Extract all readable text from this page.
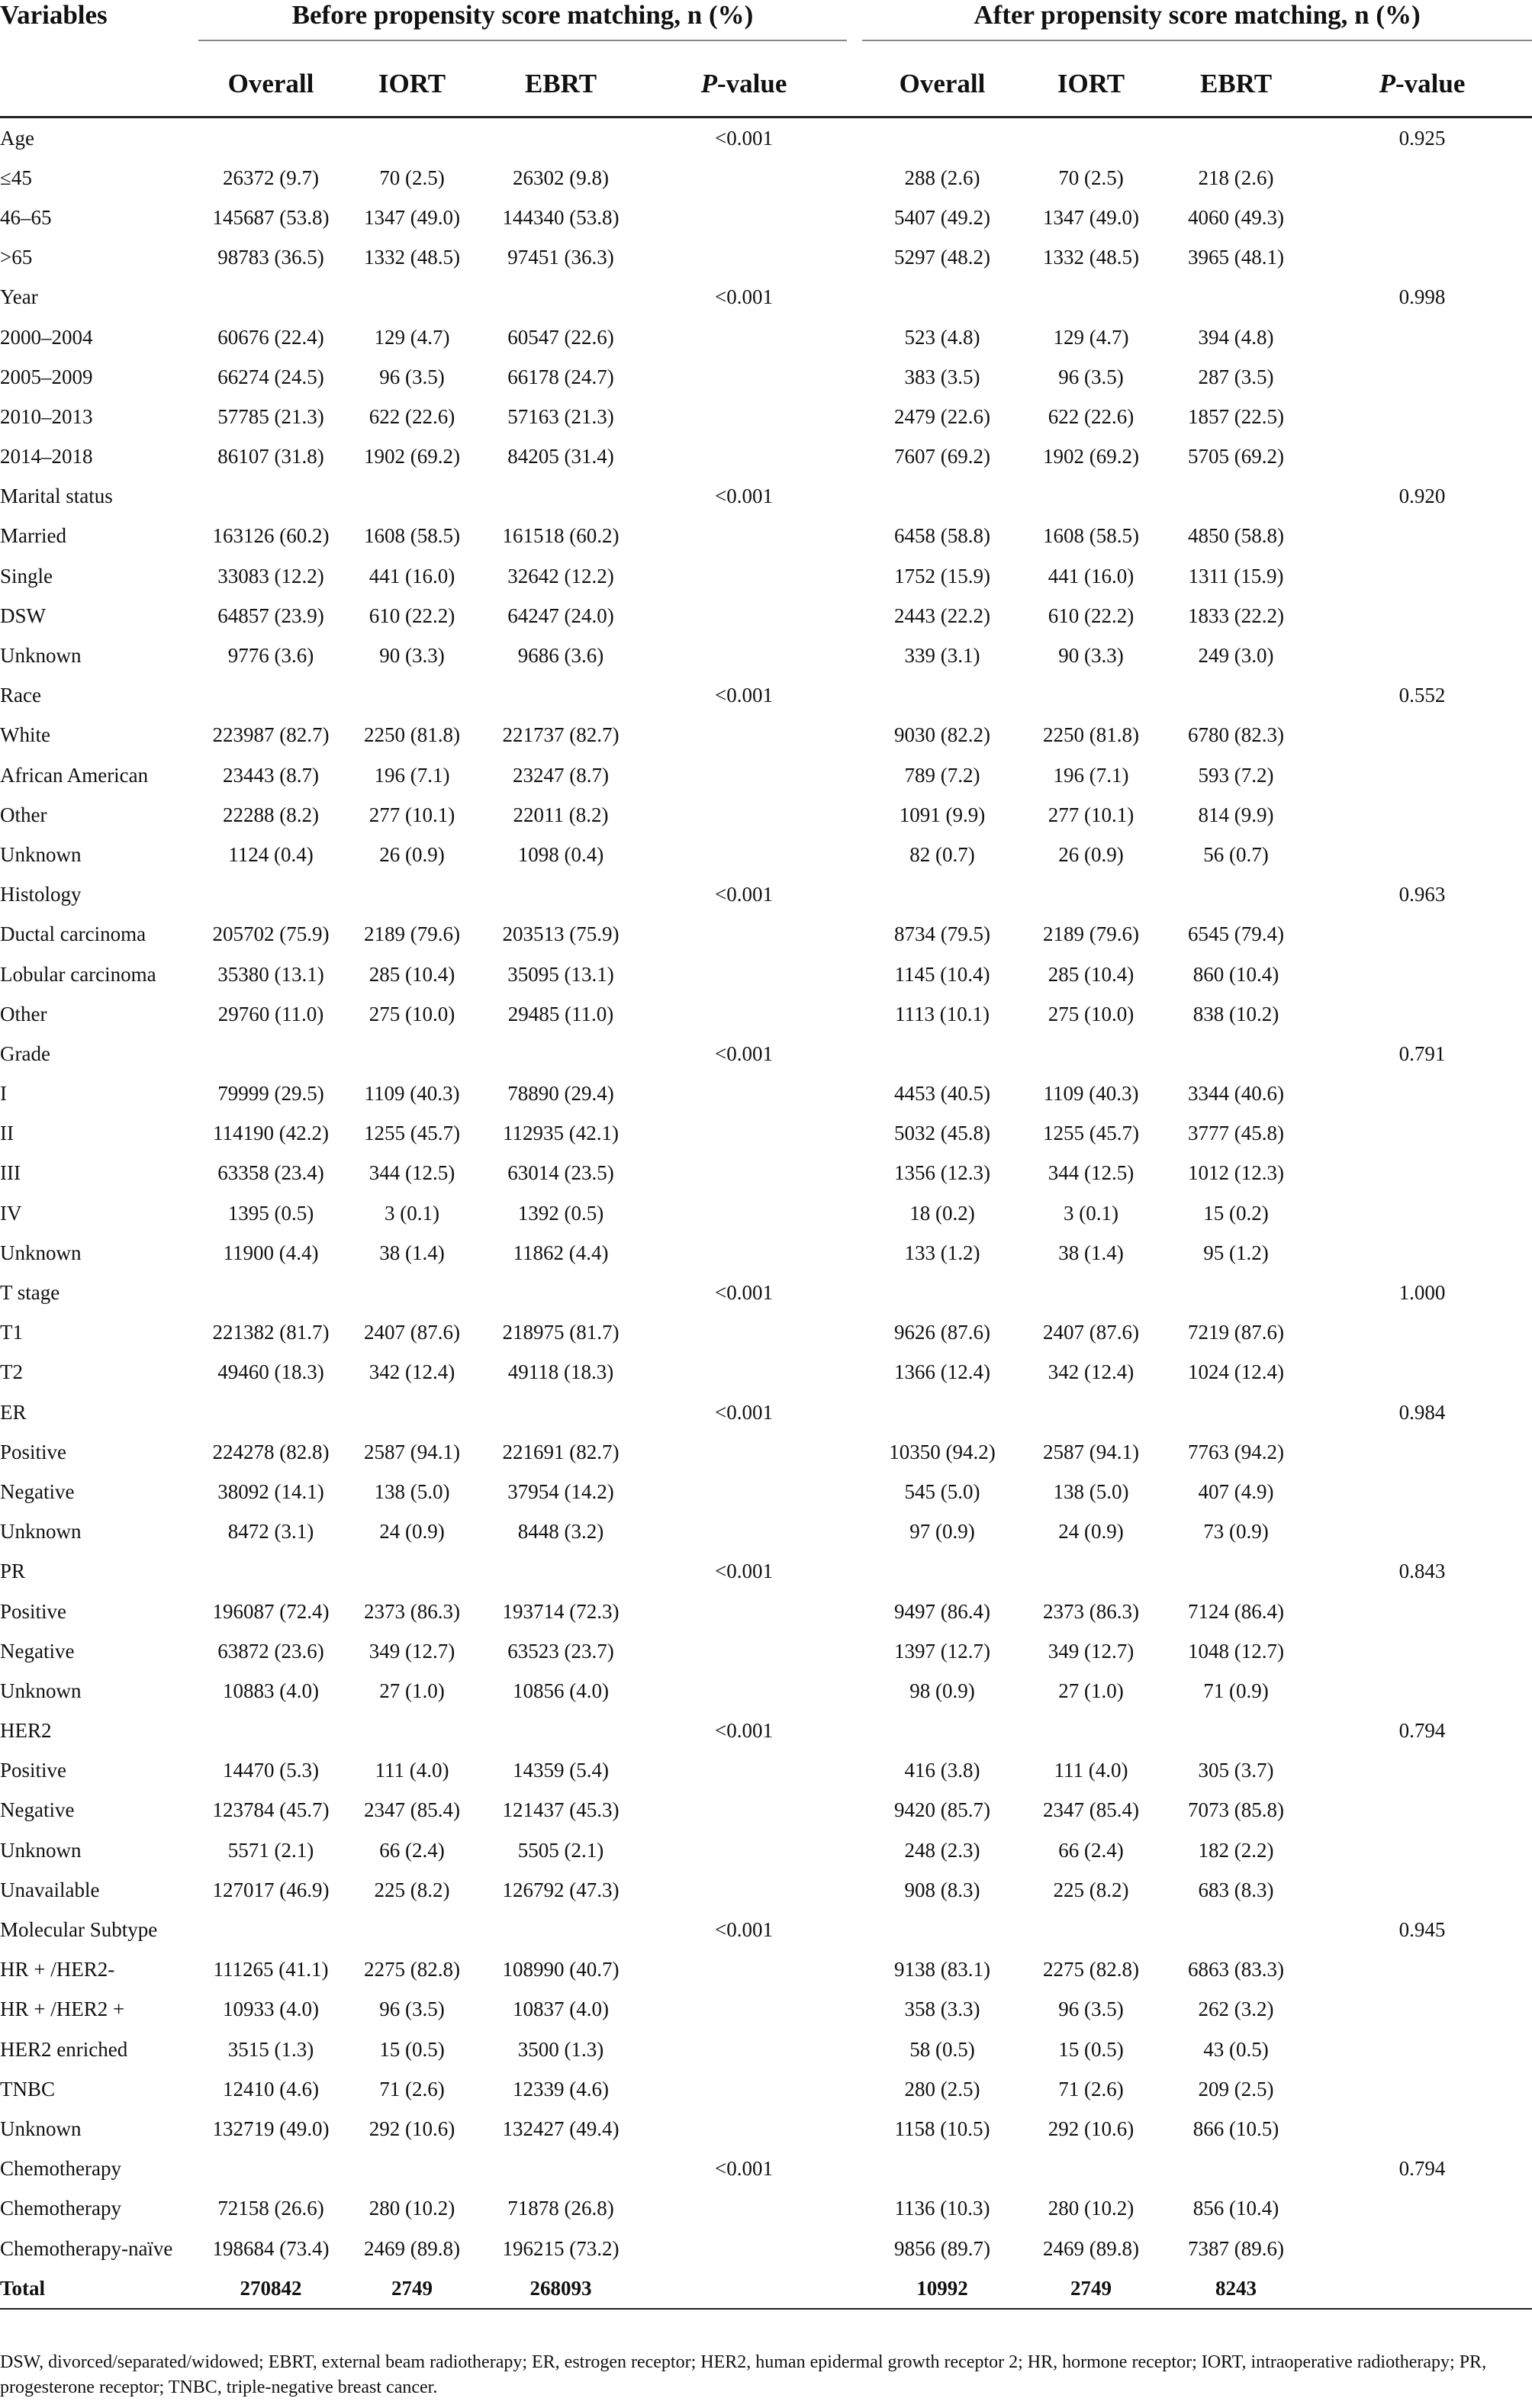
Variables	Before propensity score matching, n (%)					After propensity score matching, n (%)			

	Overall	IORT	EBRT	P-value		Overall	IORT	EBRT	P-value
Age				<0.001					0.925
≤45	26372 (9.7)	70 (2.5)	26302 (9.8)			288 (2.6)	70 (2.5)	218 (2.6)	
46–65	145687 (53.8)	1347 (49.0)	144340 (53.8)			5407 (49.2)	1347 (49.0)	4060 (49.3)	
>65	98783 (36.5)	1332 (48.5)	97451 (36.3)			5297 (48.2)	1332 (48.5)	3965 (48.1)	
Year				<0.001					0.998
2000–2004	60676 (22.4)	129 (4.7)	60547 (22.6)			523 (4.8)	129 (4.7)	394 (4.8)	
2005–2009	66274 (24.5)	96 (3.5)	66178 (24.7)			383 (3.5)	96 (3.5)	287 (3.5)	
2010–2013	57785 (21.3)	622 (22.6)	57163 (21.3)			2479 (22.6)	622 (22.6)	1857 (22.5)	
2014–2018	86107 (31.8)	1902 (69.2)	84205 (31.4)			7607 (69.2)	1902 (69.2)	5705 (69.2)	
Marital status				<0.001					0.920
Married	163126 (60.2)	1608 (58.5)	161518 (60.2)			6458 (58.8)	1608 (58.5)	4850 (58.8)	
Single	33083 (12.2)	441 (16.0)	32642 (12.2)			1752 (15.9)	441 (16.0)	1311 (15.9)	
DSW	64857 (23.9)	610 (22.2)	64247 (24.0)			2443 (22.2)	610 (22.2)	1833 (22.2)	
Unknown	9776 (3.6)	90 (3.3)	9686 (3.6)			339 (3.1)	90 (3.3)	249 (3.0)	
Race				<0.001					0.552
White	223987 (82.7)	2250 (81.8)	221737 (82.7)			9030 (82.2)	2250 (81.8)	6780 (82.3)	
African American	23443 (8.7)	196 (7.1)	23247 (8.7)			789 (7.2)	196 (7.1)	593 (7.2)	
Other	22288 (8.2)	277 (10.1)	22011 (8.2)			1091 (9.9)	277 (10.1)	814 (9.9)	
Unknown	1124 (0.4)	26 (0.9)	1098 (0.4)			82 (0.7)	26 (0.9)	56 (0.7)	
Histology				<0.001					0.963
Ductal carcinoma	205702 (75.9)	2189 (79.6)	203513 (75.9)			8734 (79.5)	2189 (79.6)	6545 (79.4)	
Lobular carcinoma	35380 (13.1)	285 (10.4)	35095 (13.1)			1145 (10.4)	285 (10.4)	860 (10.4)	
Other	29760 (11.0)	275 (10.0)	29485 (11.0)			1113 (10.1)	275 (10.0)	838 (10.2)	
Grade				<0.001					0.791
I	79999 (29.5)	1109 (40.3)	78890 (29.4)			4453 (40.5)	1109 (40.3)	3344 (40.6)	
II	114190 (42.2)	1255 (45.7)	112935 (42.1)			5032 (45.8)	1255 (45.7)	3777 (45.8)	
III	63358 (23.4)	344 (12.5)	63014 (23.5)			1356 (12.3)	344 (12.5)	1012 (12.3)	
IV	1395 (0.5)	3 (0.1)	1392 (0.5)			18 (0.2)	3 (0.1)	15 (0.2)	
Unknown	11900 (4.4)	38 (1.4)	11862 (4.4)			133 (1.2)	38 (1.4)	95 (1.2)	
T stage				<0.001					1.000
T1	221382 (81.7)	2407 (87.6)	218975 (81.7)			9626 (87.6)	2407 (87.6)	7219 (87.6)	
T2	49460 (18.3)	342 (12.4)	49118 (18.3)			1366 (12.4)	342 (12.4)	1024 (12.4)	
ER				<0.001					0.984
Positive	224278 (82.8)	2587 (94.1)	221691 (82.7)			10350 (94.2)	2587 (94.1)	7763 (94.2)	
Negative	38092 (14.1)	138 (5.0)	37954 (14.2)			545 (5.0)	138 (5.0)	407 (4.9)	
Unknown	8472 (3.1)	24 (0.9)	8448 (3.2)			97 (0.9)	24 (0.9)	73 (0.9)	
PR				<0.001					0.843
Positive	196087 (72.4)	2373 (86.3)	193714 (72.3)			9497 (86.4)	2373 (86.3)	7124 (86.4)	
Negative	63872 (23.6)	349 (12.7)	63523 (23.7)			1397 (12.7)	349 (12.7)	1048 (12.7)	
Unknown	10883 (4.0)	27 (1.0)	10856 (4.0)			98 (0.9)	27 (1.0)	71 (0.9)	
HER2				<0.001					0.794
Positive	14470 (5.3)	111 (4.0)	14359 (5.4)			416 (3.8)	111 (4.0)	305 (3.7)	
Negative	123784 (45.7)	2347 (85.4)	121437 (45.3)			9420 (85.7)	2347 (85.4)	7073 (85.8)	
Unknown	5571 (2.1)	66 (2.4)	5505 (2.1)			248 (2.3)	66 (2.4)	182 (2.2)	
Unavailable	127017 (46.9)	225 (8.2)	126792 (47.3)			908 (8.3)	225 (8.2)	683 (8.3)	
Molecular Subtype				<0.001					0.945
HR + /HER2-	111265 (41.1)	2275 (82.8)	108990 (40.7)			9138 (83.1)	2275 (82.8)	6863 (83.3)	
HR + /HER2 +	10933 (4.0)	96 (3.5)	10837 (4.0)			358 (3.3)	96 (3.5)	262 (3.2)	
HER2 enriched	3515 (1.3)	15 (0.5)	3500 (1.3)			58 (0.5)	15 (0.5)	43 (0.5)	
TNBC	12410 (4.6)	71 (2.6)	12339 (4.6)			280 (2.5)	71 (2.6)	209 (2.5)	
Unknown	132719 (49.0)	292 (10.6)	132427 (49.4)			1158 (10.5)	292 (10.6)	866 (10.5)	
Chemotherapy				<0.001					0.794
Chemotherapy	72158 (26.6)	280 (10.2)	71878 (26.8)			1136 (10.3)	280 (10.2)	856 (10.4)	
Chemotherapy-naïve	198684 (73.4)	2469 (89.8)	196215 (73.2)			9856 (89.7)	2469 (89.8)	7387 (89.6)	
Total	270842	2749	268093			10992	2749	8243	
DSW, divorced/separated/widowed; EBRT, external beam radiotherapy; ER, estrogen receptor; HER2, human epidermal growth receptor 2; HR, hormone receptor; IORT, intraoperative radiotherapy; PR, progesterone receptor; TNBC, triple-negative breast cancer.
